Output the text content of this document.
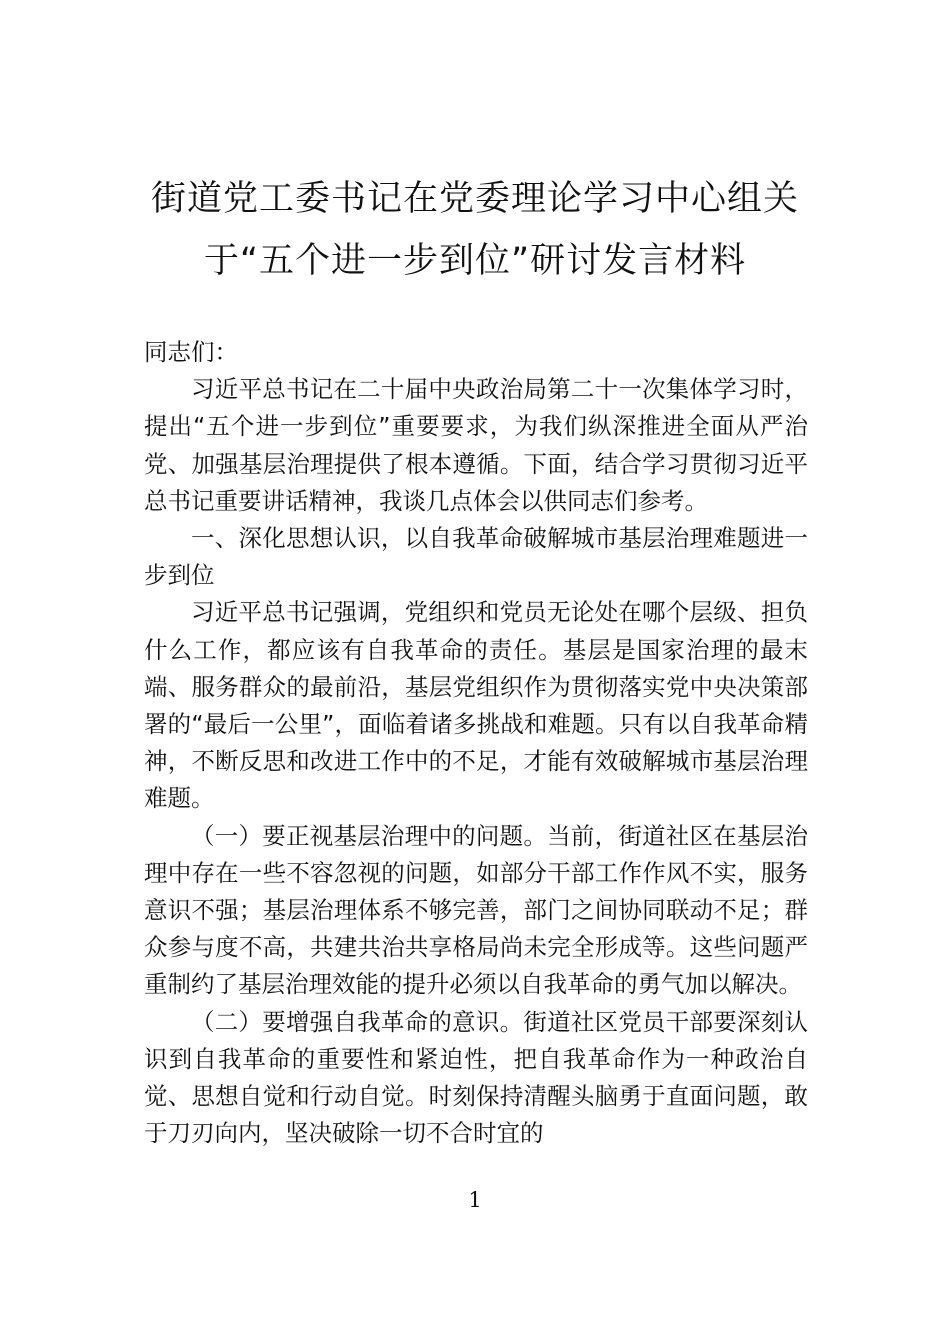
街道党工委书记在党委理论学习中心组关
于“五个进一步到位”研讨发言材料

同志们：

习近平总书记在二十届中央政治局第二十一次集体学习时，提出“五个进一步到位”重要要求，为我们纵深推进全面从严治党、加强基层治理提供了根本遵循。下面，结合学习贯彻习近平总书记重要讲话精神，我谈几点体会以供同志们参考。

一、深化思想认识，以自我革命破解城市基层治理难题进一步到位

习近平总书记强调，党组织和党员无论处在哪个层级、担负什么工作，都应该有自我革命的责任。基层是国家治理的最末端、服务群众的最前沿，基层党组织作为贯彻落实党中央决策部署的“最后一公里”，面临着诸多挑战和难题。只有以自我革命精神，不断反思和改进工作中的不足，才能有效破解城市基层治理难题。

（一）要正视基层治理中的问题。当前，街道社区在基层治理中存在一些不容忽视的问题，如部分干部工作作风不实，服务意识不强；基层治理体系不够完善，部门之间协同联动不足；群众参与度不高，共建共治共享格局尚未完全形成等。这些问题严重制约了基层治理效能的提升必须以自我革命的勇气加以解决。

（二）要增强自我革命的意识。街道社区党员干部要深刻认识到自我革命的重要性和紧迫性，把自我革命作为一种政治自觉、思想自觉和行动自觉。时刻保持清醒头脑勇于直面问题，敢于刀刃向内，坚决破除一切不合时宜的

1
